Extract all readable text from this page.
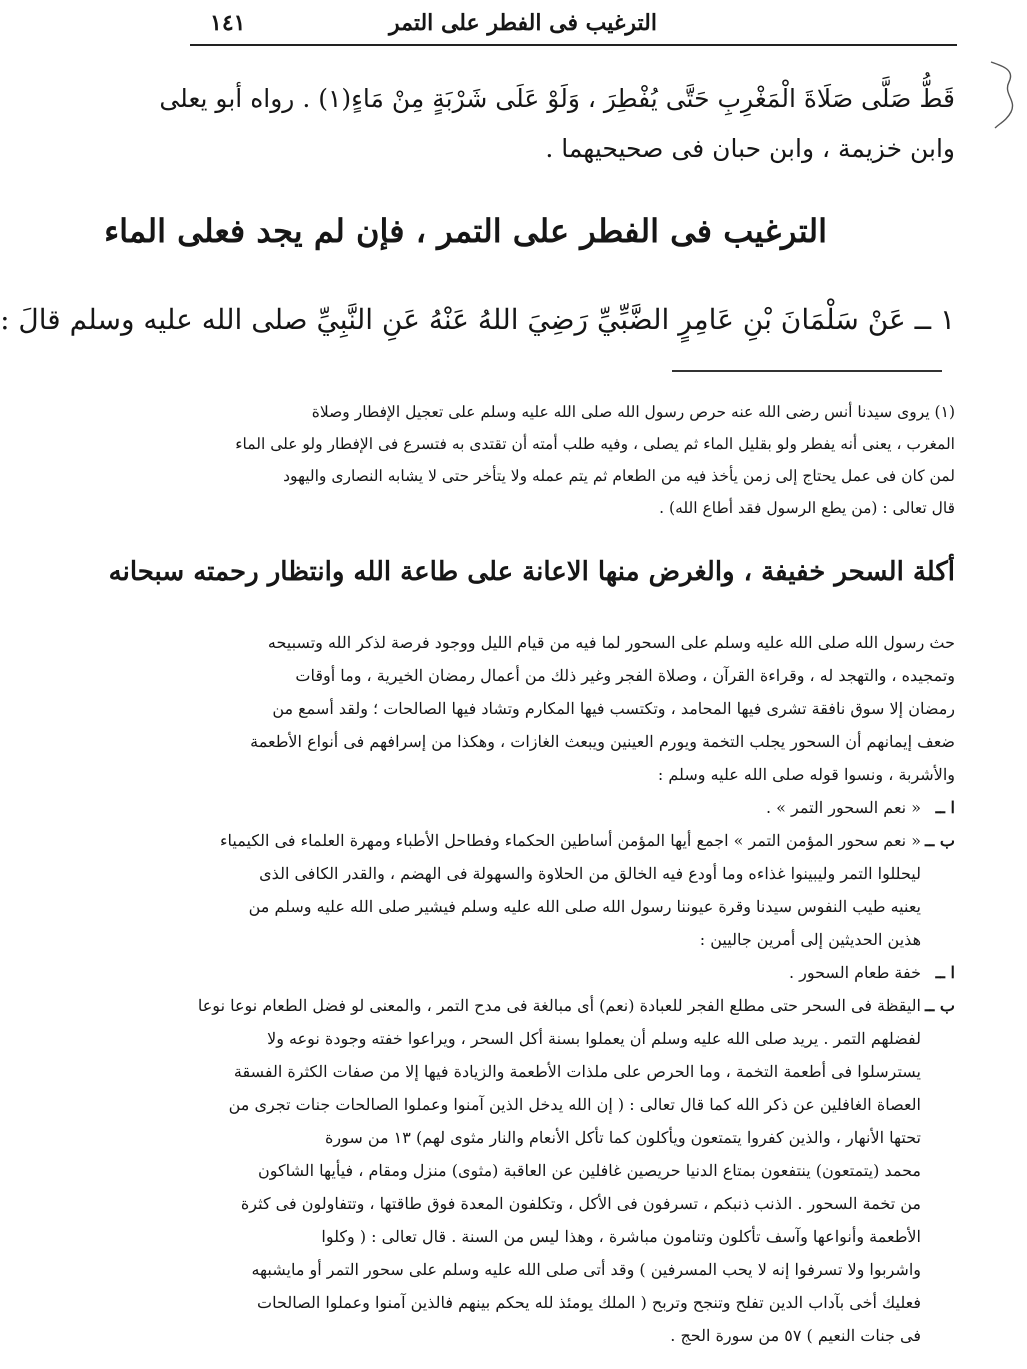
الترغيب فى الفطر على التمر
١٤١
قَطُّ صَلَّى صَلَاةَ الْمَغْرِبِ حَتَّى يُفْطِرَ ، وَلَوْ عَلَى شَرْبَةٍ مِنْ مَاءٍ(١) . رواه أبو يعلى
وابن خزيمة ، وابن حبان فى صحيحيهما .
الترغيب فى الفطر على التمر ، فإن لم يجد فعلى الماء
١ ــ عَنْ سَلْمَانَ بْنِ عَامِرٍ الضَّبِّيِّ رَضِيَ اللهُ عَنْهُ عَنِ النَّبِيِّ صلى الله عليه وسلم قالَ :
(١) يروى سيدنا أنس رضى الله عنه حرص رسول الله صلى الله عليه وسلم على تعجيل الإفطار وصلاة
المغرب ، يعنى أنه يفطر ولو بقليل الماء ثم يصلى ، وفيه طلب أمته أن تقتدى به فتسرع فى الإفطار ولو على الماء
لمن كان فى عمل يحتاج إلى زمن يأخذ فيه من الطعام ثم يتم عمله ولا يتأخر حتى لا يشابه النصارى واليهود
قال تعالى : (من يطع الرسول فقد أطاع الله) .
أكلة السحر خفيفة ، والغرض منها الاعانة على طاعة الله وانتظار رحمته سبحانه
حث رسول الله صلى الله عليه وسلم على السحور لما فيه من قيام الليل ووجود فرصة لذكر الله وتسبيحه
وتمجيده ، والتهجد له ، وقراءة القرآن ، وصلاة الفجر وغير ذلك من أعمال رمضان الخيرية ، وما أوقات
رمضان إلا سوق نافقة تشرى فيها المحامد ، وتكتسب فيها المكارم وتشاد فيها الصالحات ؛ ولقد أسمع من
ضعف إيمانهم أن السحور يجلب التخمة ويورم العينين ويبعث الغازات ، وهكذا من إسرافهم فى أنواع الأطعمة
والأشربة ، ونسوا قوله صلى الله عليه وسلم :
ا ــ
« نعم السحور التمر » .
ب ــ
« نعم سحور المؤمن التمر » اجمع أيها المؤمن أساطين الحكماء وفطاحل الأطباء ومهرة العلماء فى الكيمياء
ليحللوا التمر وليبينوا غذاءه وما أودع فيه الخالق من الحلاوة والسهولة فى الهضم ، والقدر الكافى الذى
يعنيه طيب النفوس سيدنا وقرة عيوننا رسول الله صلى الله عليه وسلم فيشير صلى الله عليه وسلم من
هذين الحديثين إلى أمرين جاليين :
ا ــ
خفة طعام السحور .
ب ــ
اليقظة فى السحر حتى مطلع الفجر للعبادة (نعم) أى مبالغة فى مدح التمر ، والمعنى لو فضل الطعام نوعا نوعا
لفضلهم التمر . يريد صلى الله عليه وسلم أن يعملوا بسنة أكل السحر ، ويراعوا خفته وجودة نوعه ولا
يسترسلوا فى أطعمة التخمة ، وما الحرص على ملذات الأطعمة والزيادة فيها إلا من صفات الكثرة الفسقة
العصاة الغافلين عن ذكر الله كما قال تعالى : ( إن الله يدخل الذين آمنوا وعملوا الصالحات جنات تجرى من
تحتها الأنهار ، والذين كفروا يتمتعون ويأكلون كما تأكل الأنعام والنار مثوى لهم) ١٣ من سورة
محمد (يتمتعون) ينتفعون بمتاع الدنيا حريصين غافلين عن العاقبة (مثوى) منزل ومقام ، فيأيها الشاكون
من تخمة السحور . الذنب ذنبكم ، تسرفون فى الأكل ، وتكلفون المعدة فوق طاقتها ، وتتفاولون فى كثرة
الأطعمة وأنواعها وآسف تأكلون وتنامون مباشرة ، وهذا ليس من السنة . قال تعالى : ( وكلوا
واشربوا ولا تسرفوا إنه لا يحب المسرفين ) وقد أتى صلى الله عليه وسلم على سحور التمر أو مايشبهه
فعليك أخى بآداب الدين تفلح وتنجح وتربح ( الملك يومئذ لله يحكم بينهم فالذين آمنوا وعملوا الصالحات
فى جنات النعيم ) ٥٧ من سورة الحج .
